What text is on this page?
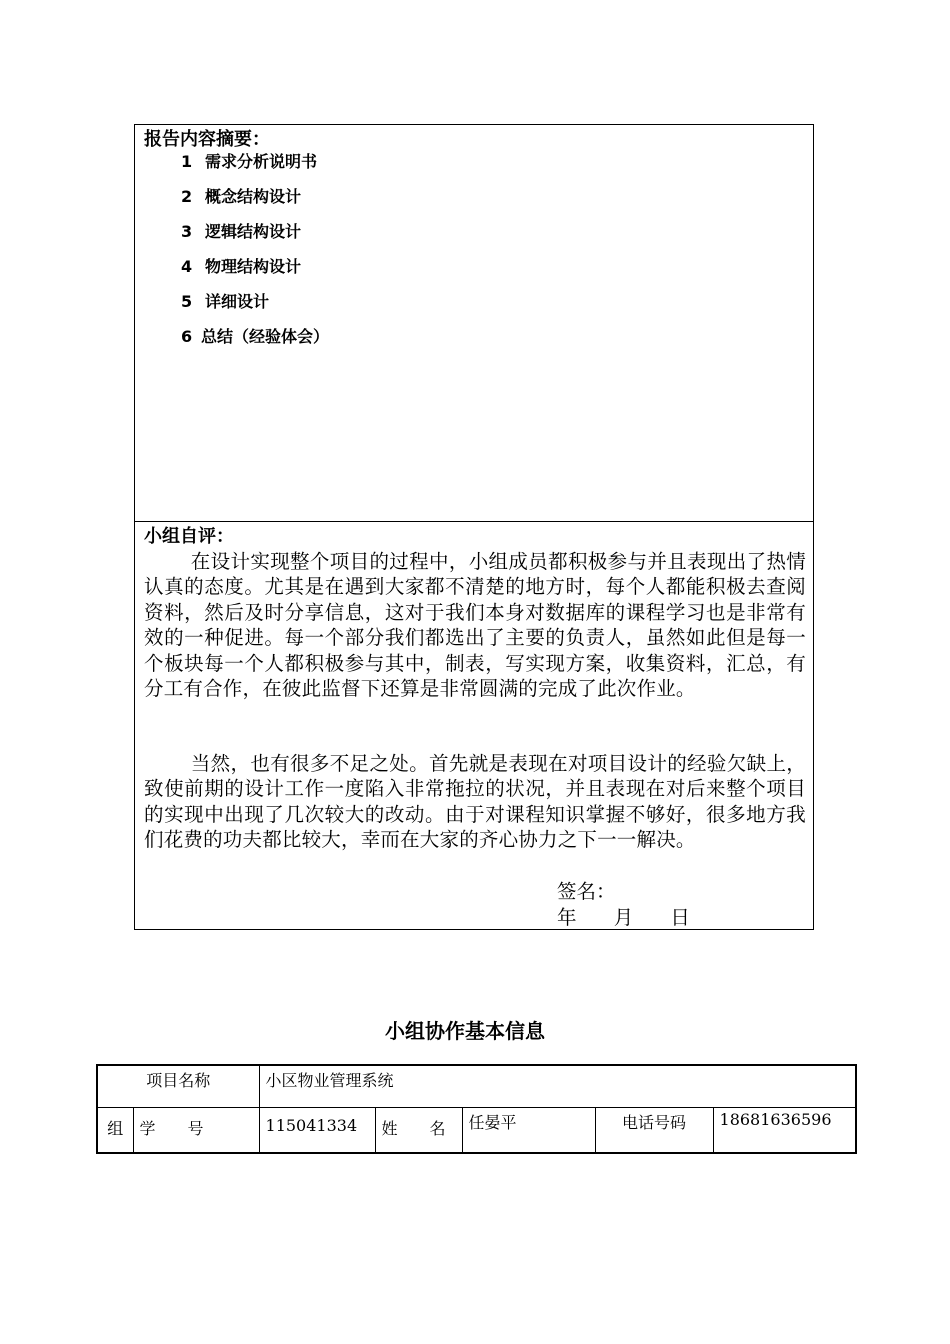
报告内容摘要：
1 需求分析说明书
2 概念结构设计
3 逻辑结构设计
4 物理结构设计
5 详细设计
6 总结（经验体会）
小组自评：

在设计实现整个项目的过程中，小组成员都积极参与并且表现出了热情认真的态度。尤其是在遇到大家都不清楚的地方时，每个人都能积极去查阅资料，然后及时分享信息，这对于我们本身对数据库的课程学习也是非常有效的一种促进。每一个部分我们都选出了主要的负责人，虽然如此但是每一个板块每一个人都积极参与其中，制表，写实现方案，收集资料，汇总，有分工有合作，在彼此监督下还算是非常圆满的完成了此次作业。

当然，也有很多不足之处。首先就是表现在对项目设计的经验欠缺上，致使前期的设计工作一度陷入非常拖拉的状况，并且表现在对后来整个项目的实现中出现了几次较大的改动。由于对课程知识掌握不够好，很多地方我们花费的功夫都比较大，幸而在大家的齐心协力之下一一解决。

签名：
年      月      日
小组协作基本信息
项目名称		小区物业管理系统				
组	学　　号	115041334	姓　　名	任晏平	电话号码	18681636596
